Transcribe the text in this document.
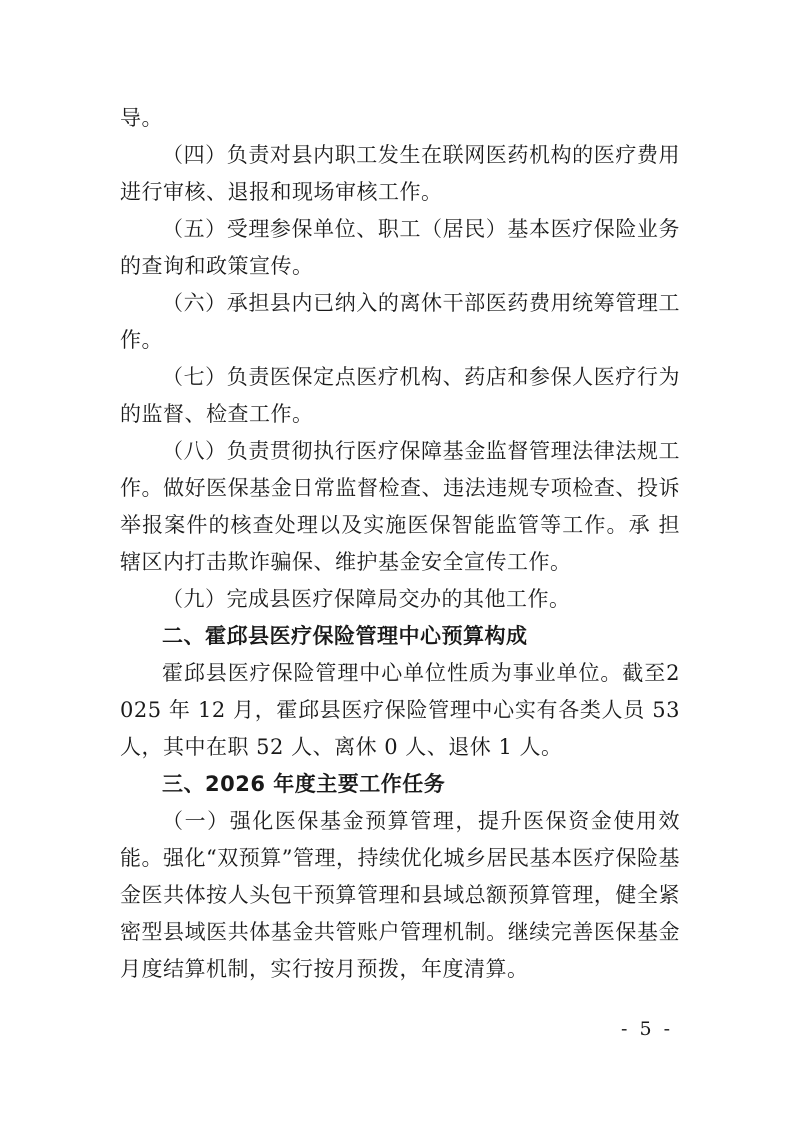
导。

（四）负责对县内职工发生在联网医药机构的医疗费用进行审核、退报和现场审核工作。

（五）受理参保单位、职工（居民）基本医疗保险业务的查询和政策宣传。

（六）承担县内已纳入的离休干部医药费用统筹管理工作。

（七）负责医保定点医疗机构、药店和参保人医疗行为的监督、检查工作。

（八）负责贯彻执行医疗保障基金监督管理法律法规工作。做好医保基金日常监督检查、违法违规专项检查、投诉举报案件的核查处理以及实施医保智能监管等工作。承 担辖区内打击欺诈骗保、维护基金安全宣传工作。

（九）完成县医疗保障局交办的其他工作。

二、霍邱县医疗保险管理中心预算构成

霍邱县医疗保险管理中心单位性质为事业单位。截至2025 年 12 月，霍邱县医疗保险管理中心实有各类人员 53人，其中在职 52 人、离休 0 人、退休 1 人。

三、2026 年度主要工作任务

（一）强化医保基金预算管理，提升医保资金使用效能。强化“双预算”管理，持续优化城乡居民基本医疗保险基金医共体按人头包干预算管理和县域总额预算管理，健全紧密型县域医共体基金共管账户管理机制。继续完善医保基金月度结算机制，实行按月预拨，年度清算。

- 5 -
